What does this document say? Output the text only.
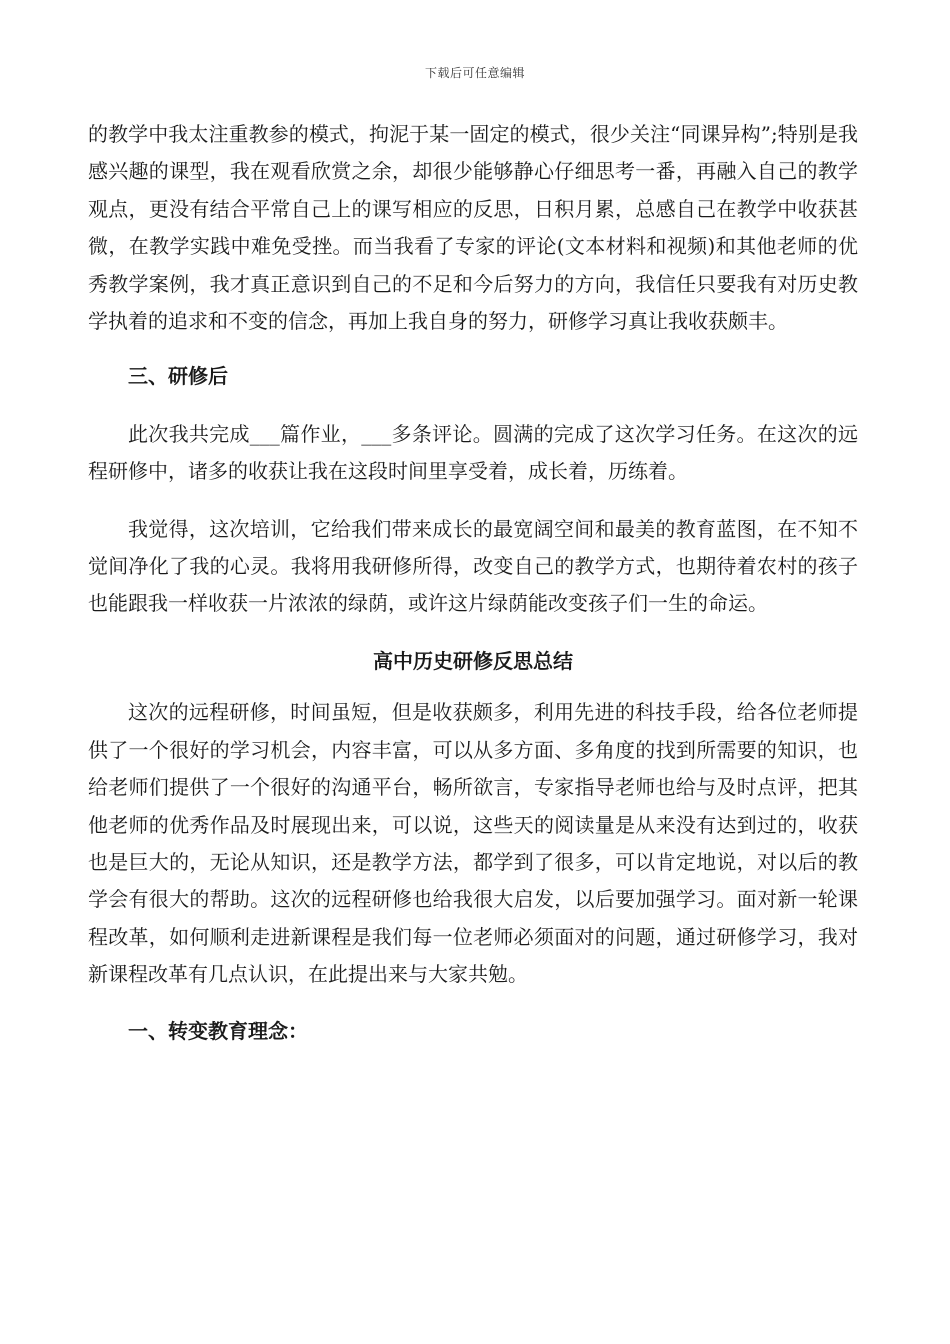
下载后可任意编辑

的教学中我太注重教参的模式，拘泥于某一固定的模式，很少关注“同课异构”;特别是我感兴趣的课型，我在观看欣赏之余，却很少能够静心仔细思考一番，再融入自己的教学观点，更没有结合平常自己上的课写相应的反思，日积月累，总感自己在教学中收获甚微，在教学实践中难免受挫。而当我看了专家的评论(文本材料和视频)和其他老师的优秀教学案例，我才真正意识到自己的不足和今后努力的方向，我信任只要我有对历史教学执着的追求和不变的信念，再加上我自身的努力，研修学习真让我收获颇丰。

三、研修后

此次我共完成___篇作业，___多条评论。圆满的完成了这次学习任务。在这次的远程研修中，诸多的收获让我在这段时间里享受着，成长着，历练着。

我觉得，这次培训，它给我们带来成长的最宽阔空间和最美的教育蓝图，在不知不觉间净化了我的心灵。我将用我研修所得，改变自己的教学方式，也期待着农村的孩子也能跟我一样收获一片浓浓的绿荫，或许这片绿荫能改变孩子们一生的命运。

高中历史研修反思总结

这次的远程研修，时间虽短，但是收获颇多，利用先进的科技手段，给各位老师提供了一个很好的学习机会，内容丰富，可以从多方面、多角度的找到所需要的知识，也给老师们提供了一个很好的沟通平台，畅所欲言，专家指导老师也给与及时点评，把其他老师的优秀作品及时展现出来，可以说，这些天的阅读量是从来没有达到过的，收获也是巨大的，无论从知识，还是教学方法，都学到了很多，可以肯定地说，对以后的教学会有很大的帮助。这次的远程研修也给我很大启发，以后要加强学习。面对新一轮课程改革，如何顺利走进新课程是我们每一位老师必须面对的问题，通过研修学习，我对新课程改革有几点认识，在此提出来与大家共勉。

一、转变教育理念：
